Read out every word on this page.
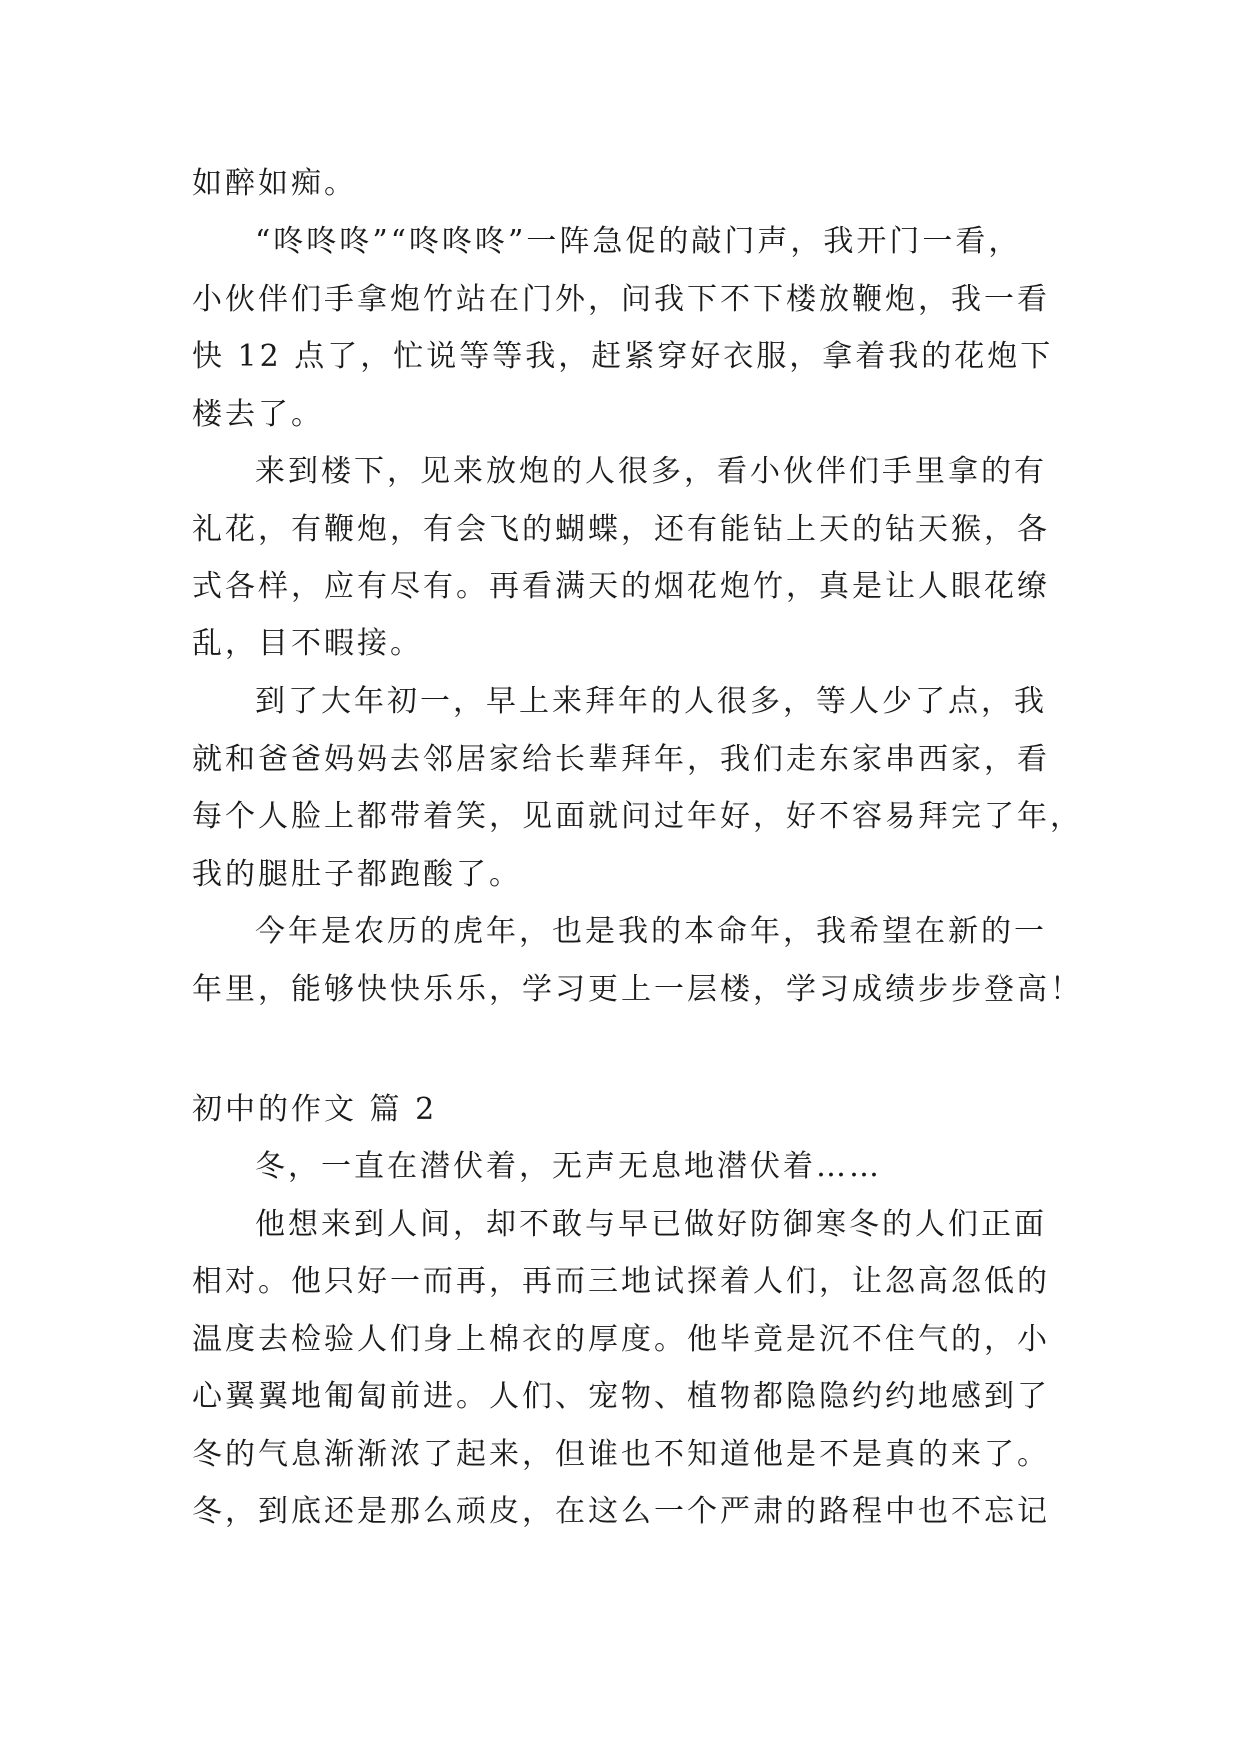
如醉如痴。
“咚咚咚”“咚咚咚”一阵急促的敲门声，我开门一看，
小伙伴们手拿炮竹站在门外，问我下不下楼放鞭炮，我一看
快 12 点了，忙说等等我，赶紧穿好衣服，拿着我的花炮下
楼去了。
来到楼下，见来放炮的人很多，看小伙伴们手里拿的有
礼花，有鞭炮，有会飞的蝴蝶，还有能钻上天的钻天猴，各
式各样，应有尽有。再看满天的烟花炮竹，真是让人眼花缭
乱，目不暇接。
到了大年初一，早上来拜年的人很多，等人少了点，我
就和爸爸妈妈去邻居家给长辈拜年，我们走东家串西家，看
每个人脸上都带着笑，见面就问过年好，好不容易拜完了年，
我的腿肚子都跑酸了。
今年是农历的虎年，也是我的本命年，我希望在新的一
年里，能够快快乐乐，学习更上一层楼，学习成绩步步登高！
初中的作文 篇 2
冬，一直在潜伏着，无声无息地潜伏着……
他想来到人间，却不敢与早已做好防御寒冬的人们正面
相对。他只好一而再，再而三地试探着人们，让忽高忽低的
温度去检验人们身上棉衣的厚度。他毕竟是沉不住气的，小
心翼翼地匍匐前进。人们、宠物、植物都隐隐约约地感到了
冬的气息渐渐浓了起来，但谁也不知道他是不是真的来了。
冬，到底还是那么顽皮，在这么一个严肃的路程中也不忘记
